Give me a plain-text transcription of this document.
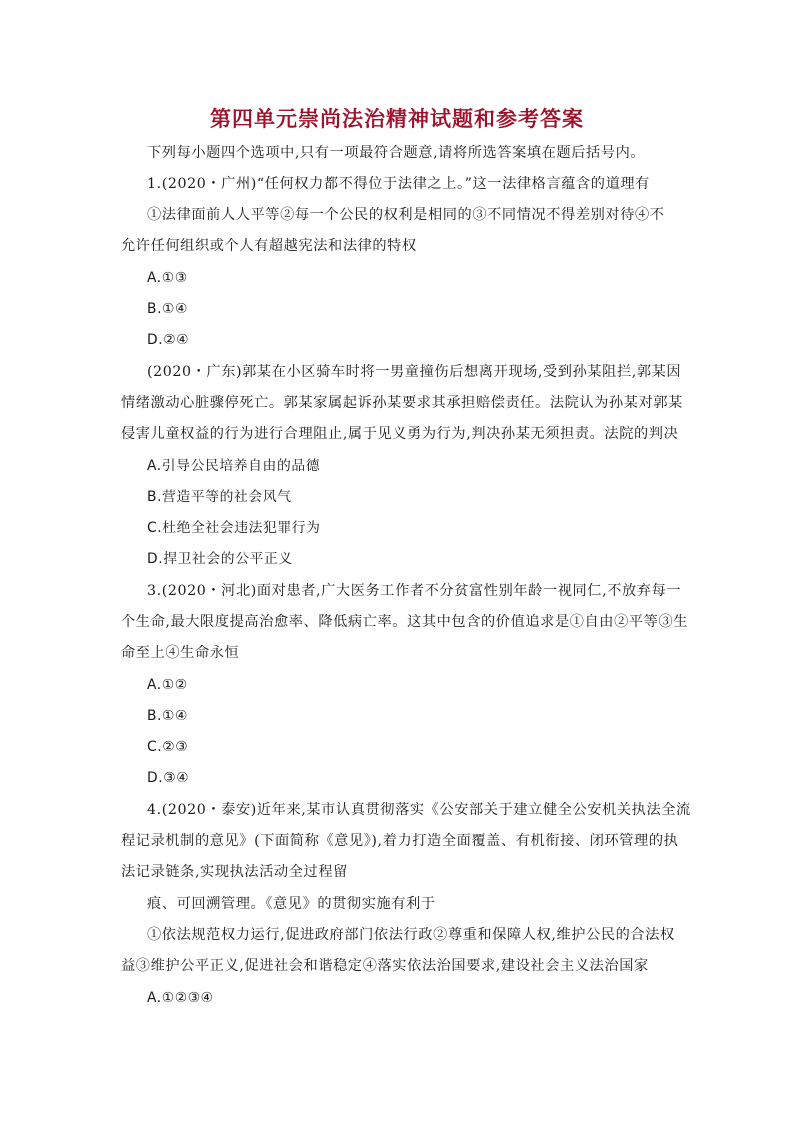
第四单元崇尚法治精神试题和参考答案
下列每小题四个选项中,只有一项最符合题意,请将所选答案填在题后括号内。
1.(2020・广州)“任何权力都不得位于法律之上。”这一法律格言蕴含的道理有
①法律面前人人平等②每一个公民的权利是相同的③不同情况不得差别对待④不
允许任何组织或个人有超越宪法和法律的特权
A.①③
B.①④
D.②④
(2020・广东)郭某在小区骑车时将一男童撞伤后想离开现场,受到孙某阻拦,郭某因
情绪激动心脏骤停死亡。郭某家属起诉孙某要求其承担赔偿责任。法院认为孙某对郭某
侵害儿童权益的行为进行合理阻止,属于见义勇为行为,判决孙某无须担责。法院的判决
A.引导公民培养自由的品德
B.营造平等的社会风气
C.杜绝全社会违法犯罪行为
D.捍卫社会的公平正义
3.(2020・河北)面对患者,广大医务工作者不分贫富性别年龄一视同仁,不放弃每一
个生命,最大限度提高治愈率、降低病亡率。这其中包含的价值追求是①自由②平等③生
命至上④生命永恒
A.①②
B.①④
C.②③
D.③④
4.(2020・泰安)近年来,某市认真贯彻落实《公安部关于建立健全公安机关执法全流
程记录机制的意见》(下面简称《意见》),着力打造全面覆盖、有机衔接、闭环管理的执
法记录链条,实现执法活动全过程留
痕、可回溯管理。《意见》的贯彻实施有利于
①依法规范权力运行,促进政府部门依法行政②尊重和保障人权,维护公民的合法权
益③维护公平正义,促进社会和谐稳定④落实依法治国要求,建设社会主义法治国家
A.①②③④
